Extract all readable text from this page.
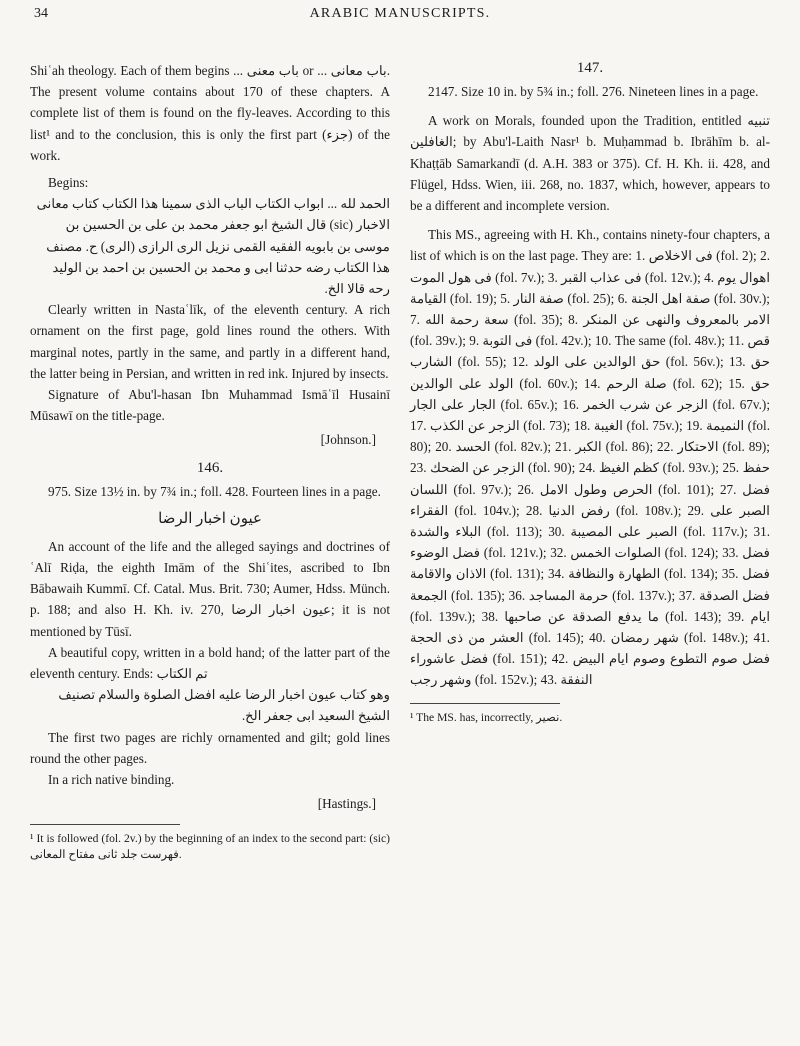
34	ARABIC MANUSCRIPTS.

Shiʿah theology. Each of them begins ... باب معنى or ... باب معانى. The present volume contains about 170 of these chapters. A complete list of them is found on the fly-leaves. According to this list¹ and to the conclusion, this is only the first part (جزء) of the work.

Begins:

الحمد لله ... ابواب الكتاب الباب الذى سمينا هذا الكتاب كتاب معانى الاخبار (sic) قال الشيخ ابو جعفر محمد بن على بن الحسين بن موسى بن بابويه الفقيه القمى نزيل الرى الرازى (الرى) ح. مصنف هذا الكتاب رضه حدثنا ابى و محمد بن الحسين بن احمد بن الوليد رحه قالا الخ.

Clearly written in Nastaʿlīk, of the eleventh century. A rich ornament on the first page, gold lines round the others. With marginal notes, partly in the same, and partly in a different hand, the latter being in Persian, and written in red ink. Injured by insects.

Signature of Abu'l-hasan Ibn Muhammad Ismāʿīl Husainī Mūsawī on the title-page.

[Johnson.]
146.

975. Size 13½ in. by 7¾ in.; foll. 428. Fourteen lines in a page.

عيون اخبار الرضا

An account of the life and the alleged sayings and doctrines of ʿAlī Riḍa, the eighth Imām of the Shiʿites, ascribed to Ibn Bābawaih Kummī. Cf. Catal. Mus. Brit. 730; Aumer, Hdss. Münch. p. 188; and also H. Kh. iv. 270, عيون اخبار الرضا; it is not mentioned by Tūsī.

A beautiful copy, written in a bold hand; of the latter part of the eleventh century. Ends: تم الكتاب

وهو كتاب عيون اخبار الرضا عليه افضل الصلوة والسلام تصنيف الشيخ السعيد ابى جعفر الخ.

The first two pages are richly ornamented and gilt; gold lines round the other pages.

In a rich native binding.

[Hastings.]

¹ It is followed (fol. 2v.) by the beginning of an index to the second part: (sic) فهرست جلد ثانى مفتاح المعانى.

147.

2147. Size 10 in. by 5¾ in.; foll. 276. Nineteen lines in a page.

A work on Morals, founded upon the Tradition, entitled تنبيه الغافلين; by Abu'l-Laith Nasr¹ b. Muḥammad b. Ibrāhīm b. al-Khaṭṭāb Samarkandī (d. A.H. 383 or 375). Cf. H. Kh. ii. 428, and Flügel, Hdss. Wien, iii. 268, no. 1837, which, however, appears to be a different and incomplete version.

This MS., agreeing with H. Kh., contains ninety-four chapters, a list of which is on the last page. They are: 1. فى الاخلاص (fol. 2); 2. فى هول الموت (fol. 7v.); 3. فى عذاب القبر (fol. 12v.); 4. اهوال يوم القيامة (fol. 19); 5. صفة النار (fol. 25); 6. صفة اهل الجنة (fol. 30v.); 7. سعة رحمة الله (fol. 35); 8. الامر بالمعروف والنهى عن المنكر (fol. 39v.); 9. فى التوبة (fol. 42v.); 10. The same (fol. 48v.); 11. قص الشارب (fol. 55); 12. حق الوالدين على الولد (fol. 56v.); 13. حق الولد على الوالدين (fol. 60v.); 14. صلة الرحم (fol. 62); 15. حق الجار على الجار (fol. 65v.); 16. الزجر عن شرب الخمر (fol. 67v.); 17. الزجر عن الكذب (fol. 73); 18. الغيبة (fol. 75v.); 19. النميمة (fol. 80); 20. الحسد (fol. 82v.); 21. الكبر (fol. 86); 22. الاحتكار (fol. 89); 23. الزجر عن الضحك (fol. 90); 24. كظم الغيظ (fol. 93v.); 25. حفظ اللسان (fol. 97v.); 26. الحرص وطول الامل (fol. 101); 27. فضل الفقراء (fol. 104v.); 28. رفض الدنيا (fol. 108v.); 29. الصبر على البلاء والشدة (fol. 113); 30. الصبر على المصيبة (fol. 117v.); 31. فضل الوضوء (fol. 121v.); 32. الصلوات الخمس (fol. 124); 33. فضل الاذان والاقامة (fol. 131); 34. الطهارة والنظافة (fol. 134); 35. فضل الجمعة (fol. 135); 36. حرمة المساجد (fol. 137v.); 37. فضل الصدقة (fol. 139v.); 38. ما يدفع الصدقة عن صاحبها (fol. 143); 39. ايام العشر من ذى الحجة (fol. 145); 40. شهر رمضان (fol. 148v.); 41. فضل عاشوراء (fol. 151); 42. فضل صوم التطوع وصوم ايام البيض وشهر رجب (fol. 152v.); 43. النفقة

¹ The MS. has, incorrectly, نصير.
